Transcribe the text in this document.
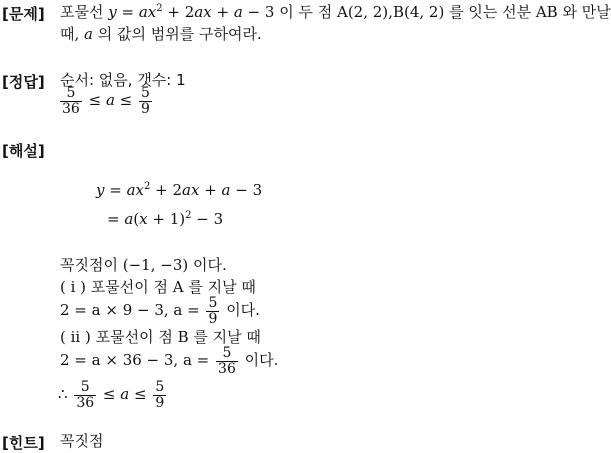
[문제] 포물선 $y = ax^2 + 2ax + a - 3$ 이 두 점 A(2, 2),B(4, 2) 를 잇는 선분 AB 와 만날
때, a 의 값의 범위를 구하여라.
[정답] 순서: 없음, 갯수: 1
$\frac{5}{36} \le a \le \frac{5}{9}$
[해설]
$y = ax^2 + 2ax + a - 3$
= $a(x + 1)^2 - 3$
꼭짓점이 (−1, −3) 이다.
( i ) 포물선이 점 A 를 지날 때
2 = a × 9 − 3, $a = \frac{5}{9}$ 이다.
( ii ) 포물선이 점 B 를 지날 때
2 = a × 36 − 3, $a = \frac{5}{36}$ 이다.
∴ $\frac{5}{36} \le a \le \frac{5}{9}$
[힌트] 꼭짓점
